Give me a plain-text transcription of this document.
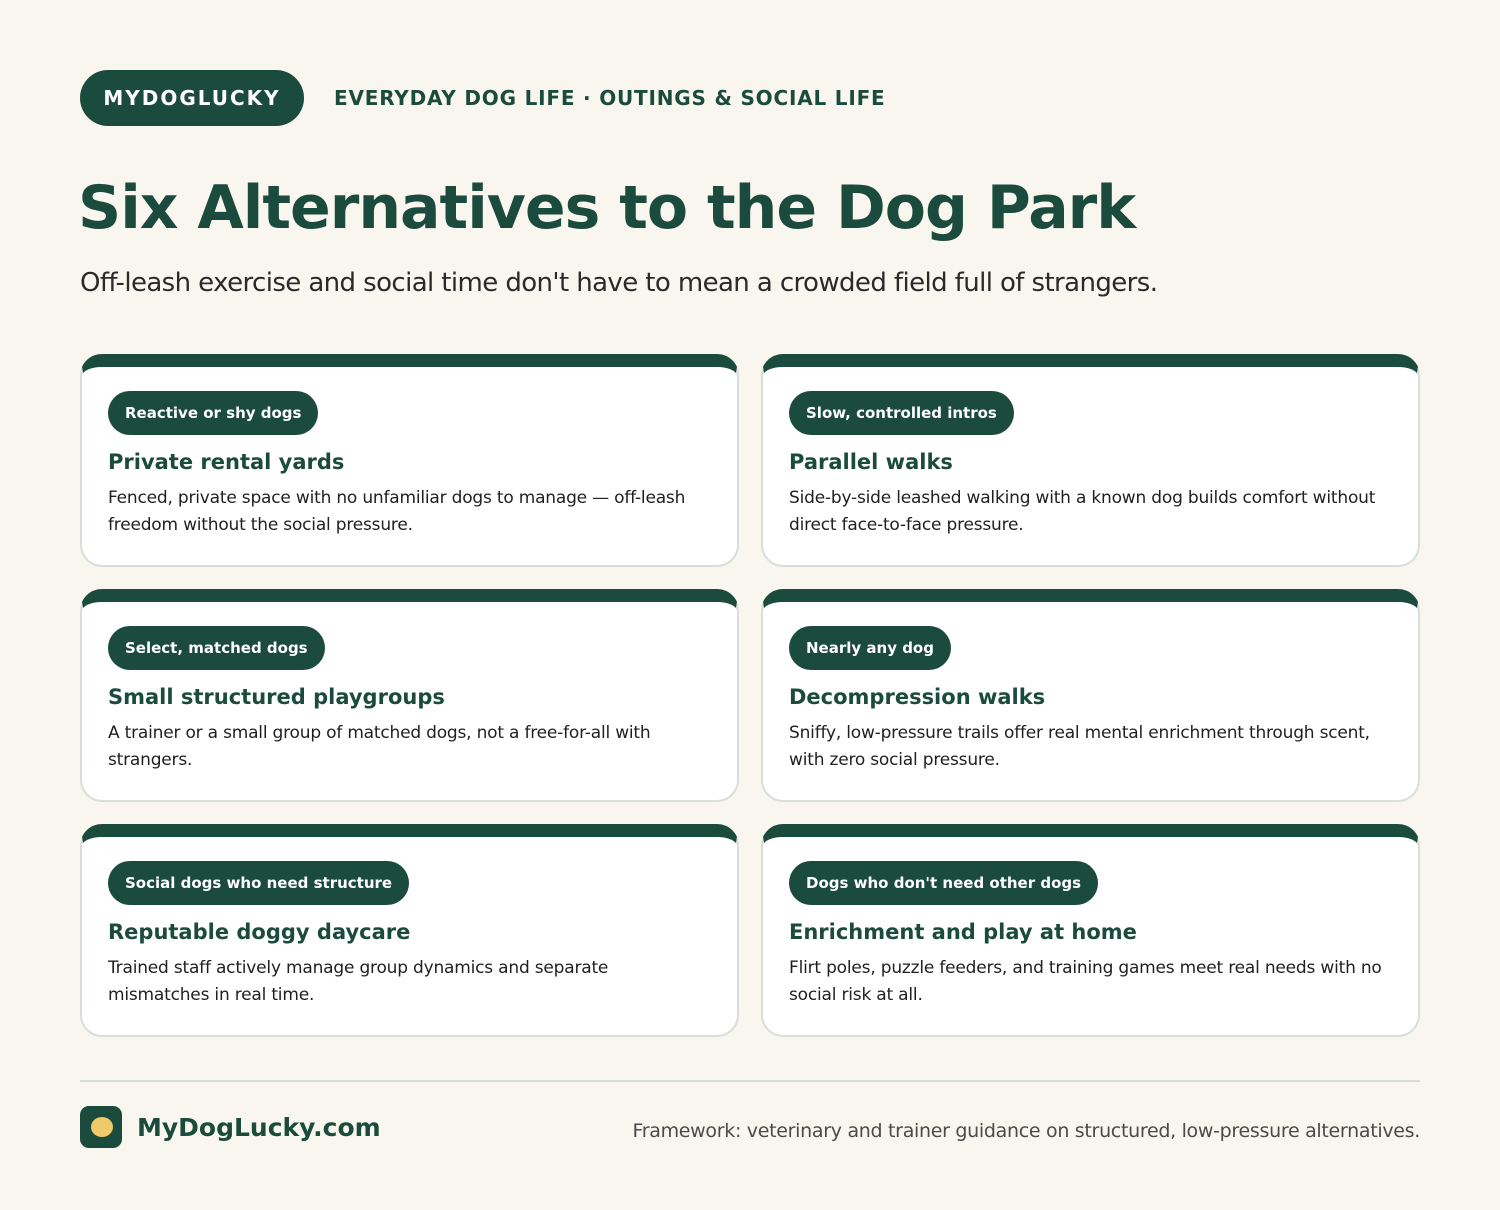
MYDOGLUCKY	EVERYDAY DOG LIFE · OUTINGS & SOCIAL LIFE
Six Alternatives to the Dog Park

Off-leash exercise and social time don't have to mean a crowded field full of strangers.

Reactive or shy dogs
Private rental yards
Fenced, private space with no unfamiliar dogs to manage — off-leash freedom without the social pressure.
Slow, controlled intros
Parallel walks
Side-by-side leashed walking with a known dog builds comfort without direct face-to-face pressure.
Select, matched dogs
Small structured playgroups
A trainer or a small group of matched dogs, not a free-for-all with strangers.
Nearly any dog
Decompression walks
Sniffy, low-pressure trails offer real mental enrichment through scent, with zero social pressure.
Social dogs who need structure
Reputable doggy daycare
Trained staff actively manage group dynamics and separate mismatches in real time.
Dogs who don't need other dogs
Enrichment and play at home
Flirt poles, puzzle feeders, and training games meet real needs with no social risk at all.
MyDogLucky.com	Framework: veterinary and trainer guidance on structured, low-pressure alternatives.
